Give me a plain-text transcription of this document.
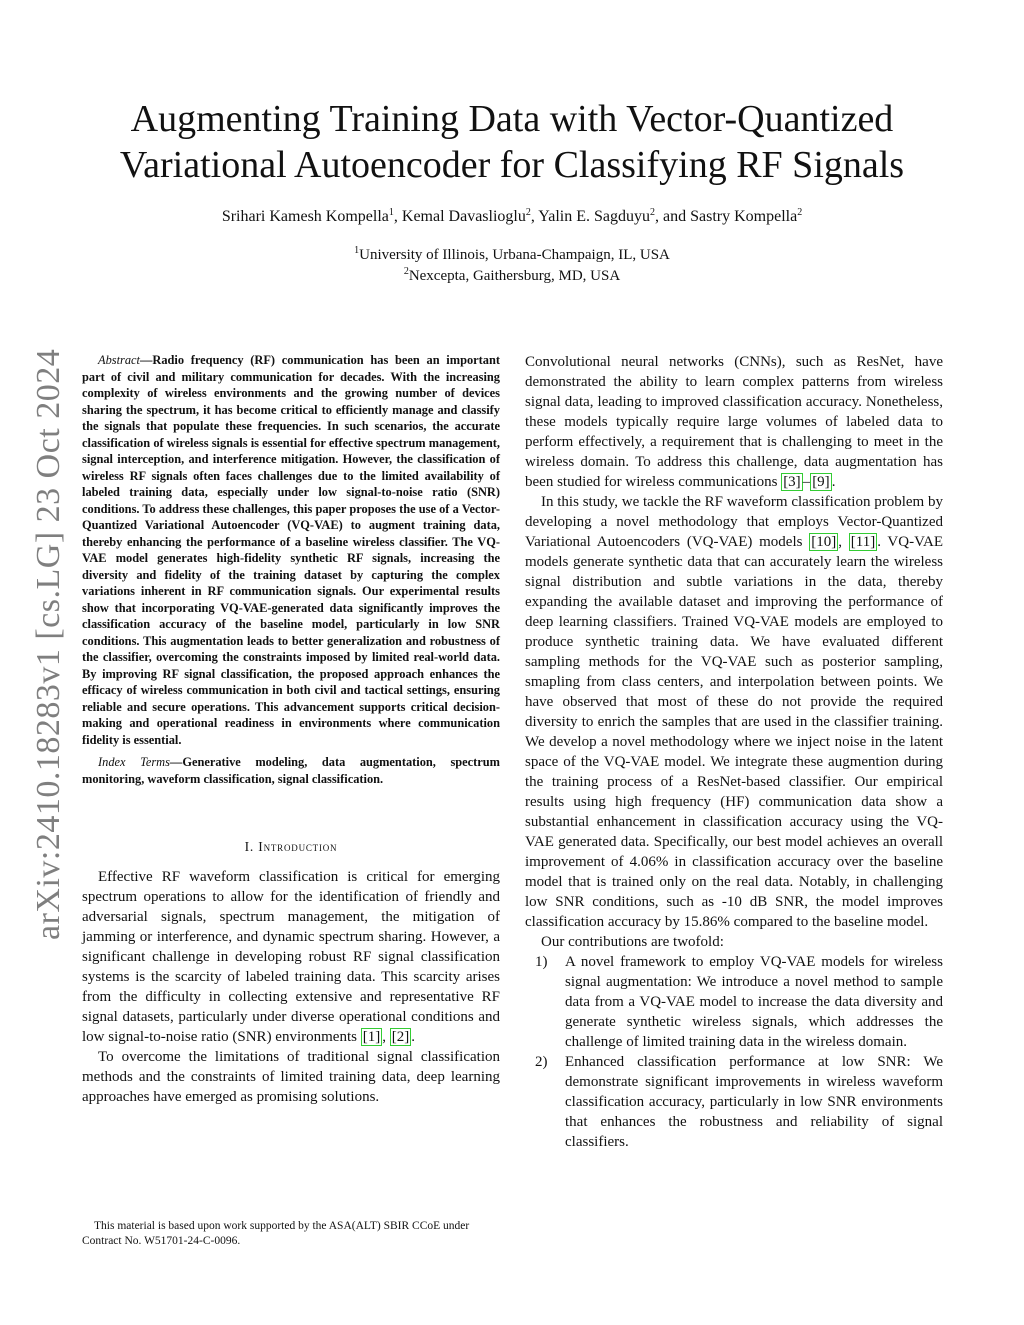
arXiv:2410.18283v1 [cs.LG] 23 Oct 2024
Augmenting Training Data with Vector-Quantized
Variational Autoencoder for Classifying RF Signals
Srihari Kamesh Kompella$^1$, Kemal Davaslioglu$^2$, Yalin E. Sagduyu$^2$, and Sastry Kompella$^2$
$^1$University of Illinois, Urbana-Champaign, IL, USA
$^2$Nexcepta, Gaithersburg, MD, USA

Abstract—Radio frequency (RF) communication has been an important part of civil and military communication for decades. With the increasing complexity of wireless environments and the growing number of devices sharing the spectrum, it has become critical to efficiently manage and classify the signals that populate these frequencies. In such scenarios, the accurate classification of wireless signals is essential for effective spectrum management, signal interception, and interference mitigation. However, the classification of wireless RF signals often faces challenges due to the limited availability of labeled training data, especially under low signal-to-noise ratio (SNR) conditions. To address these challenges, this paper proposes the use of a Vector-Quantized Variational Autoencoder (VQ-VAE) to augment training data, thereby enhancing the performance of a baseline wireless classifier. The VQ-VAE model generates high-fidelity synthetic RF signals, increasing the diversity and fidelity of the training dataset by capturing the complex variations inherent in RF communication signals. Our experimental results show that incorporating VQ-VAE-generated data significantly improves the classification accuracy of the baseline model, particularly in low SNR conditions. This augmentation leads to better generalization and robustness of the classifier, overcoming the constraints imposed by limited real-world data. By improving RF signal classification, the proposed approach enhances the efficacy of wireless communication in both civil and tactical settings, ensuring reliable and secure operations. This advancement supports critical decision-making and operational readiness in environments where communication fidelity is essential.

Index Terms—Generative modeling, data augmentation, spectrum monitoring, waveform classification, signal classification.

I. Introduction

Effective RF waveform classification is critical for emerging spectrum operations to allow for the identification of friendly and adversarial signals, spectrum management, the mitigation of jamming or interference, and dynamic spectrum sharing. However, a significant challenge in developing robust RF signal classification systems is the scarcity of labeled training data. This scarcity arises from the difficulty in collecting extensive and representative RF signal datasets, particularly under diverse operational conditions and low signal-to-noise ratio (SNR) environments [1] , [2] .

To overcome the limitations of traditional signal classification methods and the constraints of limited training data, deep learning approaches have emerged as promising solutions.

This material is based upon work supported by the ASA(ALT) SBIR CCoE under Contract No. W51701-24-C-0096.

Convolutional neural networks (CNNs), such as ResNet, have demonstrated the ability to learn complex patterns from wireless signal data, leading to improved classification accuracy. Nonetheless, these models typically require large volumes of labeled data to perform effectively, a requirement that is challenging to meet in the wireless domain. To address this challenge, data augmentation has been studied for wireless communications [3] – [9] .

In this study, we tackle the RF waveform classification problem by developing a novel methodology that employs Vector-Quantized Variational Autoencoders (VQ-VAE) models [10] , [11] . VQ-VAE models generate synthetic data that can accurately learn the wireless signal distribution and subtle variations in the data, thereby expanding the available dataset and improving the performance of deep learning classifiers. Trained VQ-VAE models are employed to produce synthetic training data. We have evaluated different sampling methods for the VQ-VAE such as posterior sampling, smapling from class centers, and interpolation between points. We have observed that most of these do not provide the required diversity to enrich the samples that are used in the classifier training. We develop a novel methodology where we inject noise in the latent space of the VQ-VAE model. We integrate these augmention during the training process of a ResNet-based classifier. Our empirical results using high frequency (HF) communication data show a substantial enhancement in classification accuracy using the VQ-VAE generated data. Specifically, our best model achieves an overall improvement of 4.06% in classification accuracy over the baseline model that is trained only on the real data. Notably, in challenging low SNR conditions, such as -10 dB SNR, the model improves classification accuracy by 15.86% compared to the baseline model.

Our contributions are twofold:

1) A novel framework to employ VQ-VAE models for wireless signal augmentation: We introduce a novel method to sample data from a VQ-VAE model to increase the data diversity and generate synthetic wireless signals, which addresses the challenge of limited training data in the wireless domain.
2) Enhanced classification performance at low SNR: We demonstrate significant improvements in wireless waveform classification accuracy, particularly in low SNR environments that enhances the robustness and reliability of signal classifiers.
